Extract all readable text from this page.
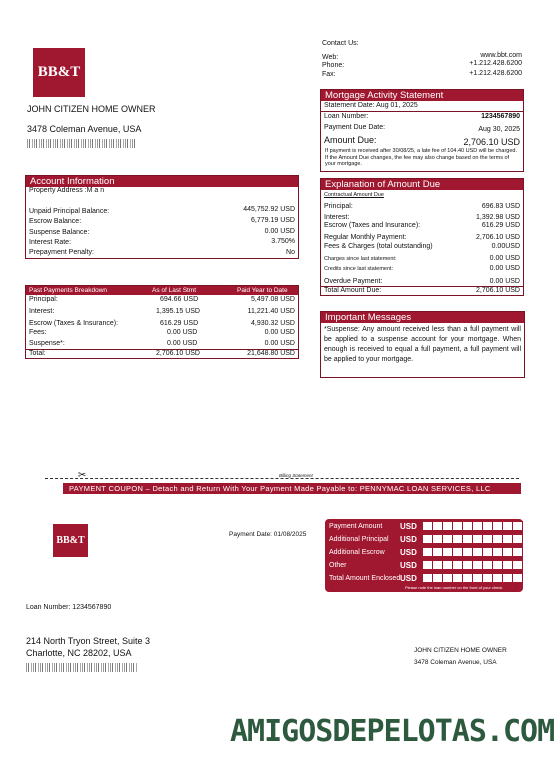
BB&T
Contact Us:
Web:	www.bbt.com
Phone:	+1.212.428.6200
Fax:	+1.212.428.6200
JOHN CITIZEN HOME OWNER
3478 Coleman Avenue, USA
Mortgage Activity Statement
Statement Date: Aug 01, 2025
Loan Number:	1234567890
Payment Due Date:	Aug 30, 2025
Amount Due:	2,706.10 USD
If payment is received after 30/08/25, a late fee of 104.40 USD will be charged. If the Amount Due changes, the fee may also change based on the terms of your mortgage.
Account Information
Property Address :M a n
Unpaid Principal Balance:	445,752.92 USD
Escrow Balance:	6,779.19 USD
Suspense Balance:	0.00 USD
Interest Rate:	3.750%
Prepayment Penalty:	No
Explanation of Amount Due
Contractual Amount Due
Principal:	696.83 USD
Interest:	1,392.98 USD
Escrow (Taxes and Insurance):	616.29 USD
Regular Monthly Payment:	2,706.10 USD
Fees & Charges (total outstanding)	0.00USD
Charges since last statement:	0.00 USD
Credits since last statement:	0.00 USD
Overdue Payment:	0.00 USD
Total Amount Due:	2,706.10 USD
Past Payments Breakdown	As of Last Stmt	Paid Year to Date
Principal:	694.66 USD	5,497.08 USD
Interest:	1,395.15 USD	11,221.40 USD
Escrow (Taxes & Insurance):	616.29 USD	4,930.32 USD
Fees:	0.00 USD	0.00 USD
Suspense*:	0.00 USD	0.00 USD
Total:	2,706.10 USD	21,648.80 USD
Important Messages
*Suspense: Any amount received less than a full payment will be applied to a suspense account for your mortgage. When enough is received to equal a full payment, a full payment will be applied to your mortgage.
✂	Billing Statement
PAYMENT COUPON – Detach and Return With Your Payment Made Payable to: PENNYMAC LOAN SERVICES, LLC
BB&T
Payment Date: 01/08/2025
Payment Amount USD
Additional Principal USD
Additional Escrow USD
Other	USD
Total Amount Enclosed USD
Please note the loan number on the front of your check
Loan Number: 1234567890
214 North Tryon Street, Suite 3
Charlotte, NC 28202, USA	JOHN CITIZEN HOME OWNER
3478 Coleman Avenue, USA
AMIGOSDEPELOTAS.COM
